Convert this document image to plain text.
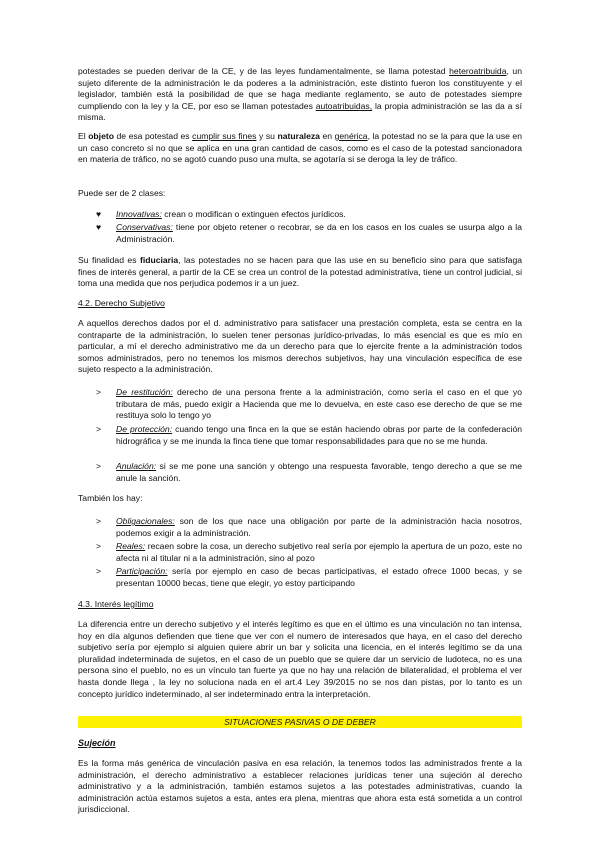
potestades se pueden derivar de la CE, y de las leyes fundamentalmente, se llama potestad heteroatribuida, un sujeto diferente de la administración le da poderes a la administración, este distinto fueron los constituyente y el legislador, también está la posibilidad de que se haga mediante reglamento, se auto de potestades siempre cumpliendo con la ley y la CE, por eso se llaman potestades autoatribuidas, la propia administración se las da a sí misma.

El objeto de esa potestad es cumplir sus fines y su naturaleza en genérica, la potestad no se la para que la use en un caso concreto si no que se aplica en una gran cantidad de casos, como es el caso de la potestad sancionadora en materia de tráfico, no se agotó cuando puso una multa, se agotaría si se deroga la ley de tráfico.

Puede ser de 2 clases:
♥ Innovativas: crean o modifican o extinguen efectos jurídicos.
♥ Conservativas: tiene por objeto retener o recobrar, se da en los casos en los cuales se usurpa algo a la Administración.

Su finalidad es fiduciaria, las potestades no se hacen para que las use en su beneficio sino para que satisfaga fines de interés general, a partir de la CE se crea un control de la potestad administrativa, tiene un control judicial, si toma una medida que nos perjudica podemos ir a un juez.

4.2. Derecho Subjetivo

A aquellos derechos dados por el d. administrativo para satisfacer una prestación completa, esta se centra en la contraparte de la administración, lo suelen tener personas jurídico-privadas, lo más esencial es que es mío en particular, a mí el derecho administrativo me da un derecho para que lo ejercite frente a la administración todos somos administrados, pero no tenemos los mismos derechos subjetivos, hay una vinculación específica de ese sujeto respecto a la administración.

> De restitución: derecho de una persona frente a la administración, como sería el caso en el que yo tributara de más, puedo exigir a Hacienda que me lo devuelva, en este caso ese derecho de que se me restituya solo lo tengo yo
> De protección: cuando tengo una finca en la que se están haciendo obras por parte de la confederación hidrográfica y se me inunda la finca tiene que tomar responsabilidades para que no se me hunda.
> Anulación: si se me pone una sanción y obtengo una respuesta favorable, tengo derecho a que se me anule la sanción.
También los hay:
> Obligacionales: son de los que nace una obligación por parte de la administración hacia nosotros, podemos exigir a la administración.
> Reales: recaen sobre la cosa, un derecho subjetivo real sería por ejemplo la apertura de un pozo, este no afecta ni al titular ni a la administración, sino al pozo
> Participación: sería por ejemplo en caso de becas participativas, el estado ofrece 1000 becas, y se presentan 10000 becas, tiene que elegir, yo estoy participando
4.3. Interés legítimo

La diferencia entre un derecho subjetivo y el interés legítimo es que en el último es una vinculación no tan intensa, hoy en día algunos defienden que tiene que ver con el numero de interesados que haya, en el caso del derecho subjetivo sería por ejemplo si alguien quiere abrir un bar y solicita una licencia, en el interés legítimo se da una pluralidad indeterminada de sujetos, en el caso de un pueblo que se quiere dar un servicio de ludoteca, no es una persona sino el pueblo, no es un vínculo tan fuerte ya que no hay una relación de bilateralidad, el problema el ver hasta donde llega , la ley no soluciona nada en el art.4 Ley 39/2015 no se nos dan pistas, por lo tanto es un concepto jurídico indeterminado, al ser indeterminado entra la interpretación.

SITUACIONES PASIVAS O DE DEBER
Sujeción

Es la forma más genérica de vinculación pasiva en esa relación, la tenemos todos las administrados frente a la administración, el derecho administrativo a establecer relaciones jurídicas tener una sujeción al derecho administrativo y a la administración, también estamos sujetos a las potestades administrativas, cuando la administración actúa estamos sujetos a esta, antes era plena, mientras que ahora esta está sometida a un control jurisdiccional.
